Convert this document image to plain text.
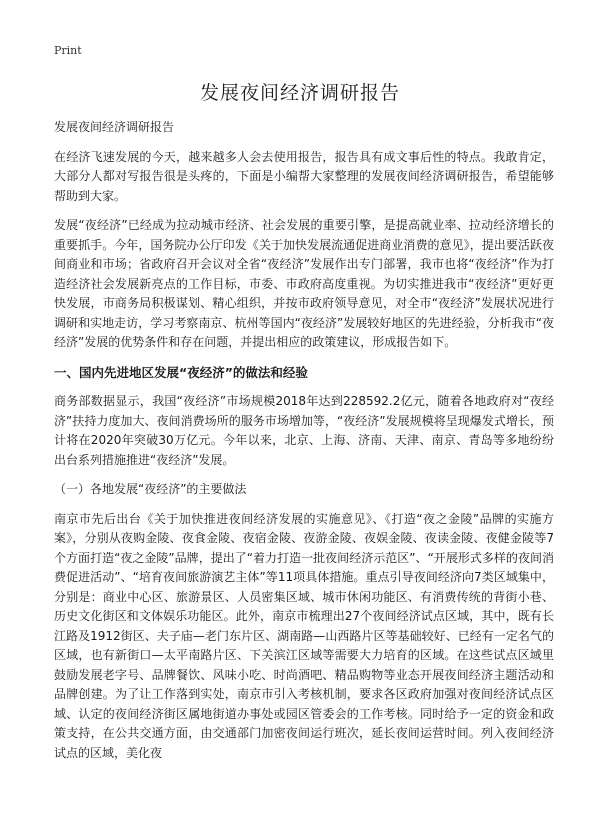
Print
发展夜间经济调研报告

发展夜间经济调研报告

在经济飞速发展的今天，越来越多人会去使用报告，报告具有成文事后性的特点。我敢肯定，大部分人都对写报告很是头疼的，下面是小编帮大家整理的发展夜间经济调研报告，希望能够帮助到大家。

发展“夜经济”已经成为拉动城市经济、社会发展的重要引擎，是提高就业率、拉动经济增长的重要抓手。今年，国务院办公厅印发《关于加快发展流通促进商业消费的意见》，提出要活跃夜间商业和市场；省政府召开会议对全省“夜经济”发展作出专门部署，我市也将“夜经济”作为打造经济社会发展新亮点的工作目标，市委、市政府高度重视。为切实推进我市“夜经济”更好更快发展，市商务局积极谋划、精心组织，并按市政府领导意见，对全市“夜经济”发展状况进行调研和实地走访，学习考察南京、杭州等国内“夜经济”发展较好地区的先进经验，分析我市“夜经济”发展的优势条件和存在问题，并提出相应的政策建议，形成报告如下。

一、国内先进地区发展“夜经济”的做法和经验

商务部数据显示，我国“夜经济”市场规模2018年达到228592.2亿元，随着各地政府对“夜经济”扶持力度加大、夜间消费场所的服务市场增加等，“夜经济”发展规模将呈现爆发式增长，预计将在2020年突破30万亿元。今年以来，北京、上海、济南、天津、南京、青岛等多地纷纷出台系列措施推进“夜经济”发展。

（一）各地发展“夜经济”的主要做法

南京市先后出台《关于加快推进夜间经济发展的实施意见》、《打造“夜之金陵”品牌的实施方案》，分别从夜购金陵、夜食金陵、夜宿金陵、夜游金陵、夜娱金陵、夜读金陵、夜健金陵等7个方面打造“夜之金陵”品牌，提出了“着力打造一批夜间经济示范区”、“开展形式多样的夜间消费促进活动”、“培育夜间旅游演艺主体”等11项具体措施。重点引导夜间经济向7类区域集中，分别是：商业中心区、旅游景区、人员密集区域、城市休闲功能区、有消费传统的背街小巷、历史文化街区和文体娱乐功能区。此外，南京市梳理出27个夜间经济试点区域，其中，既有长江路及1912街区、夫子庙—老门东片区、湖南路—山西路片区等基础较好、已经有一定名气的区域，也有新街口—太平南路片区、下关滨江区域等需要大力培育的区域。在这些试点区域里鼓励发展老字号、品牌餐饮、风味小吃、时尚酒吧、精品购物等业态开展夜间经济主题活动和品牌创建。为了让工作落到实处，南京市引入考核机制，要求各区政府加强对夜间经济试点区域、认定的夜间经济街区属地街道办事处或园区管委会的工作考核。同时给予一定的资金和政策支持，在公共交通方面，由交通部门加密夜间运行班次，延长夜间运营时间。列入夜间经济试点的区域，美化夜
